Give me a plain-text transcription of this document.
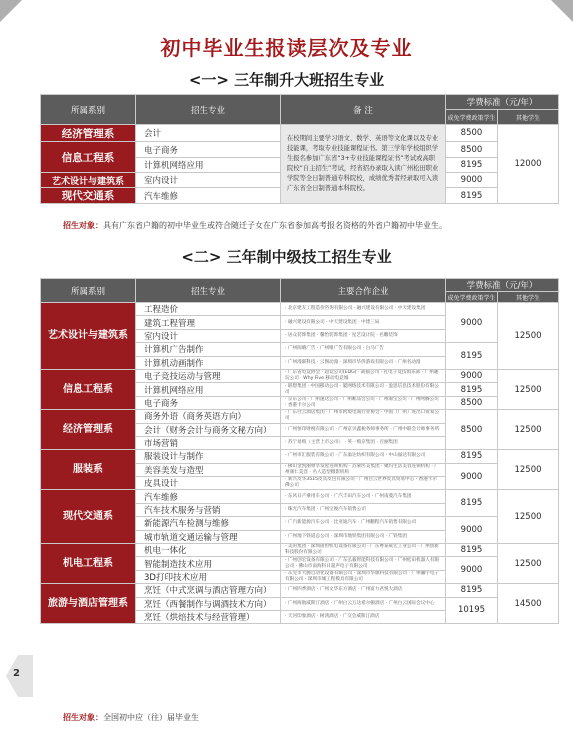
初中毕业生报读层次及专业
<一> 三年制升大班招生专业
所属系别	招生专业	备 注	学费标准（元/年）	
			成免学费政策学生	其他学生
经济管理系	会计	在校期间主要学习语文、数学、英语等文化课以及专业技能课，考取专业技能课程证书。第三学年学校组织学生报名参加广东省“3+专业技能课程证书”考试或高职院校“自主招生”考试，经省招办录取入读广州松田职业学院等全日制普通专科院校，成绩优秀者经录取可入读广东省全日制普通本科院校。	8500	12000
信息工程系	电子商务		8500	
	计算机网络应用		8195	
艺术设计与建筑系	室内设计		9000	
现代交通系	汽车维修		8195	
招生对象：具有广东省户籍的初中毕业生或符合随迁子女在广东省参加高考报名资格的外省户籍初中毕业生。
<二> 三年制中级技工招生专业
所属系别	招生专业	主要合作企业	学费标准（元/年）	
			成免学费政策学生	其他学生
艺术设计与建筑系	工程造价	· 北京建友工程造价咨询有限公司 · 融兴建设有限公司 · 中天建设集团	9000	12500
	建筑工程管理	· 融兴建设有限公司 · 中天建设集团 · 中建三局		
	室内设计	· 居众装饰集团 · 馨怡装饰集团 · 星艺设计院 · 名雕装饰		
	计算机广告制作	· 广州阅晴广告 · 广州唯广告有限公司 · 白马广告	8195	
	计算机动画制作	· 广州漫联科技 · 云图动漫 · 深圳市华侨游戏有限公司 · 广州名动漫		
信息工程系	电子竞技运动与管理	· 广东省电竞协会 · 超竞公司(EDG) · 战猫公司 · 礼电子竞技俱乐部 · 广州趣玩公司 · Why Five 移动电竞城	9000	12500
	计算机网络应用	· 联想集团 · 中国移动公司 · 厦网络技术有限公司 · 盈思信息技术股份有限公司	8195	
	电子商务	· 京东公司 · 广州速达公司 · 广州唯品会公司 · 广州淘宝公司 · 广州网腾公司 · 香港卡尔公司	8500	
经济管理系	商务外语（商务英语方向）	· 广东白云酒店集团 · 广州市跨境电商行业协会 · 中国（广州）进出口贸易公司	8500	12500
	会计（财务会计与商务文秘方向）	· 广州恒印财税有限公司 · 广州京贝鑫税务师事务所 · 广州中联会计师事务所		
	市场营销	· 苏宁易购（主营上市公司） · 英一购京集团 · 百丽集团		
服装系	服装设计与制作	· 广州市汇服装有限公司 · 广东溢达纺织有限公司 · 中山溢达有限公司	8195	12500
	美容美发与造型	· 佛山金凯丽尊享发屋连锁机构 · 苏蒙医美集团 · 聚玛生活美容连锁机构 · 广州颜仁美容 · 名人造型摄影机构	9000	
	皮具设计	· 新兴皮华3515皮具皮包有限公司 · 广州白云世界皮具贸易中心 · 香港卡尔佛公司		
现代交通系	汽车维修	· 东风日产乘用车公司 · 广汽丰田汽车公司 · 广州南菱汽车集团	8195	12500
	汽车技术服务与营销	· 珠光汽车集团 · 广州宝俊汽车销售公司		
	新能源汽车检测与维修	· 广汽新能源汽车公司 · 比亚迪汽车 · 广州鹏程汽车销售有限公司	9000	
	城市轨道交通运输与管理	· 广州地下铁道总公司 · 深圳市地铁集团有限公司 · 广铁集团		
机电工程系	机电一体化	· 美的集团 · 深圳固恒机电设备有限公司 · 广东粤泰威宏工业公司 · 广州创新科技股份有限公司	8195	12500
	智能制造技术应用	· 广州创宏设备有限公司 · 广东弘毅智能科技有限公司 · 广州松田机器人有限公司 · 佛山市南海科日超声电子有限公司	9000	
	3D打印技术应用	· 东莞市大腾自动化设备有限公司 · 深圳市华旗科技有限公司 · 广州瀚宇电子有限公司 · 深圳市城工程模具有限公司		
旅游与酒店管理系	烹饪（中式烹调与酒店管理方向）	· 广州四季酒店 · 广州文华东方酒店 · 广州富力君悦大酒店	8195	14500
	烹饪（西餐制作与调酒技术方向）	· 广州海航威斯汀酒店 · 广州白云万达希尔顿酒店 · 广州白云国际会议中心	10195	
	烹饪（烘焙技术与经营管理）	· 天河印象酒店 · 树鸿酒店 · 广交会威斯汀酒店		
招生对象：全国初中应（往）届毕业生
2
